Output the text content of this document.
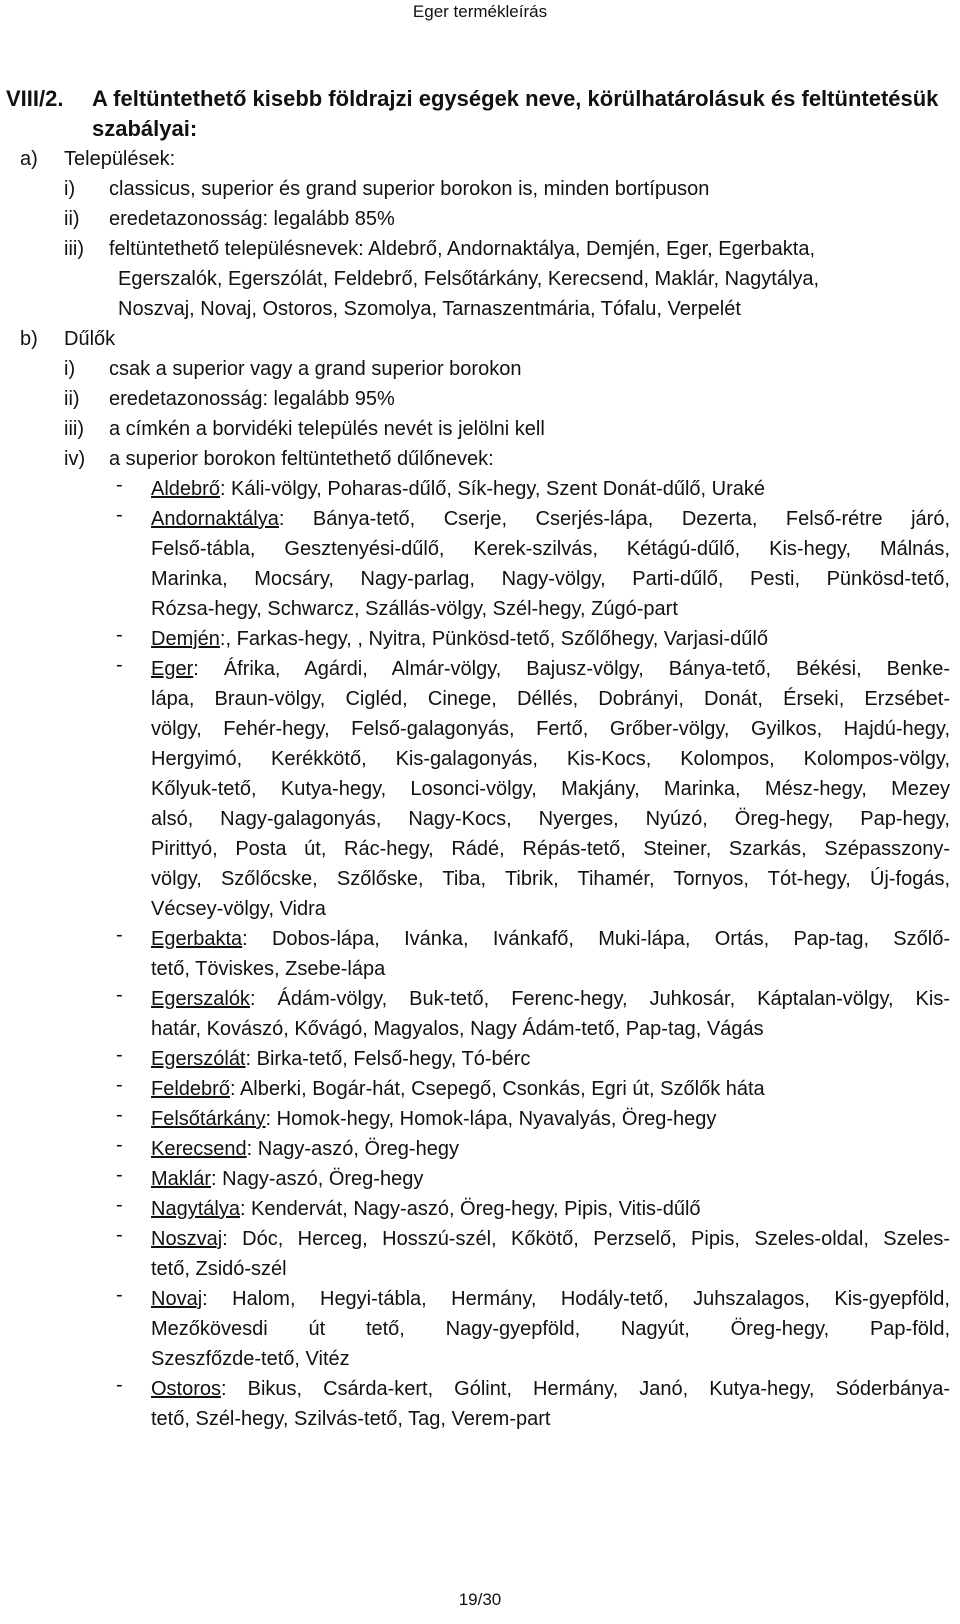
Eger termékleírás
VIII/2. A feltüntethető kisebb földrajzi egységek neve, körülhatárolásuk és feltüntetésük szabályai:
a) Települések:
i) classicus, superior és grand superior borokon is, minden bortípuson
ii) eredetazonosság: legalább 85%
iii) feltüntethető településnevek: Aldebrő, Andornaktálya, Demjén, Eger, Egerbakta,
Egerszalók, Egerszólát, Feldebrő, Felsőtárkány, Kerecsend, Maklár, Nagytálya,
Noszvaj, Novaj, Ostoros, Szomolya, Tarnaszentmária, Tófalu, Verpelét
b) Dűlők
i) csak a superior vagy a grand superior borokon
ii) eredetazonosság: legalább 95%
iii) a címkén a borvidéki település nevét is jelölni kell
iv) a superior borokon feltüntethető dűlőnevek:
- Aldebrő: Káli-völgy, Poharas-dűlő, Sík-hegy, Szent Donát-dűlő, Uraké
- Andornaktálya: Bánya-tető, Cserje, Cserjés-lápa, Dezerta, Felső-rétre járó,
Felső-tábla, Gesztenyési-dűlő, Kerek-szilvás, Kétágú-dűlő, Kis-hegy, Málnás,
Marinka, Mocsáry, Nagy-parlag, Nagy-völgy, Parti-dűlő, Pesti, Pünkösd-tető,
Rózsa-hegy, Schwarcz, Szállás-völgy, Szél-hegy, Zúgó-part
- Demjén:, Farkas-hegy, , Nyitra, Pünkösd-tető, Szőlőhegy, Varjasi-dűlő
- Eger: Áfrika, Agárdi, Almár-völgy, Bajusz-völgy, Bánya-tető, Békési, Benke-
lápa, Braun-völgy, Cigléd, Cinege, Déllés, Dobrányi, Donát, Érseki, Erzsébet-
völgy, Fehér-hegy, Felső-galagonyás, Fertő, Grőber-völgy, Gyilkos, Hajdú-hegy,
Hergyimó, Kerékkötő, Kis-galagonyás, Kis-Kocs, Kolompos, Kolompos-völgy,
Kőlyuk-tető, Kutya-hegy, Losonci-völgy, Makjány, Marinka, Mész-hegy, Mezey
alsó, Nagy-galagonyás, Nagy-Kocs, Nyerges, Nyúzó, Öreg-hegy, Pap-hegy,
Pirittyó, Posta út, Rác-hegy, Rádé, Répás-tető, Steiner, Szarkás, Szépasszony-
völgy, Szőlőcske, Szőlőske, Tiba, Tibrik, Tihamér, Tornyos, Tót-hegy, Új-fogás,
Vécsey-völgy, Vidra
- Egerbakta: Dobos-lápa, Ivánka, Ivánkafő, Muki-lápa, Ortás, Pap-tag, Szőlő-
tető, Töviskes, Zsebe-lápa
- Egerszalók: Ádám-völgy, Buk-tető, Ferenc-hegy, Juhkosár, Káptalan-völgy, Kis-
határ, Kovászó, Kővágó, Magyalos, Nagy Ádám-tető, Pap-tag, Vágás
- Egerszólát: Birka-tető, Felső-hegy, Tó-bérc
- Feldebrő: Alberki, Bogár-hát, Csepegő, Csonkás, Egri út, Szőlők háta
- Felsőtárkány: Homok-hegy, Homok-lápa, Nyavalyás, Öreg-hegy
- Kerecsend: Nagy-aszó, Öreg-hegy
- Maklár: Nagy-aszó, Öreg-hegy
- Nagytálya: Kendervát, Nagy-aszó, Öreg-hegy, Pipis, Vitis-dűlő
- Noszvaj: Dóc, Herceg, Hosszú-szél, Kőkötő, Perzselő, Pipis, Szeles-oldal, Szeles-
tető, Zsidó-szél
- Novaj: Halom, Hegyi-tábla, Hermány, Hodály-tető, Juhszalagos, Kis-gyepföld,
Mezőkövesdi út tető, Nagy-gyepföld, Nagyút, Öreg-hegy, Pap-föld,
Szeszfőzde-tető, Vitéz
- Ostoros: Bikus, Csárda-kert, Gólint, Hermány, Janó, Kutya-hegy, Sóderbánya-
tető, Szél-hegy, Szilvás-tető, Tag, Verem-part
19/30
